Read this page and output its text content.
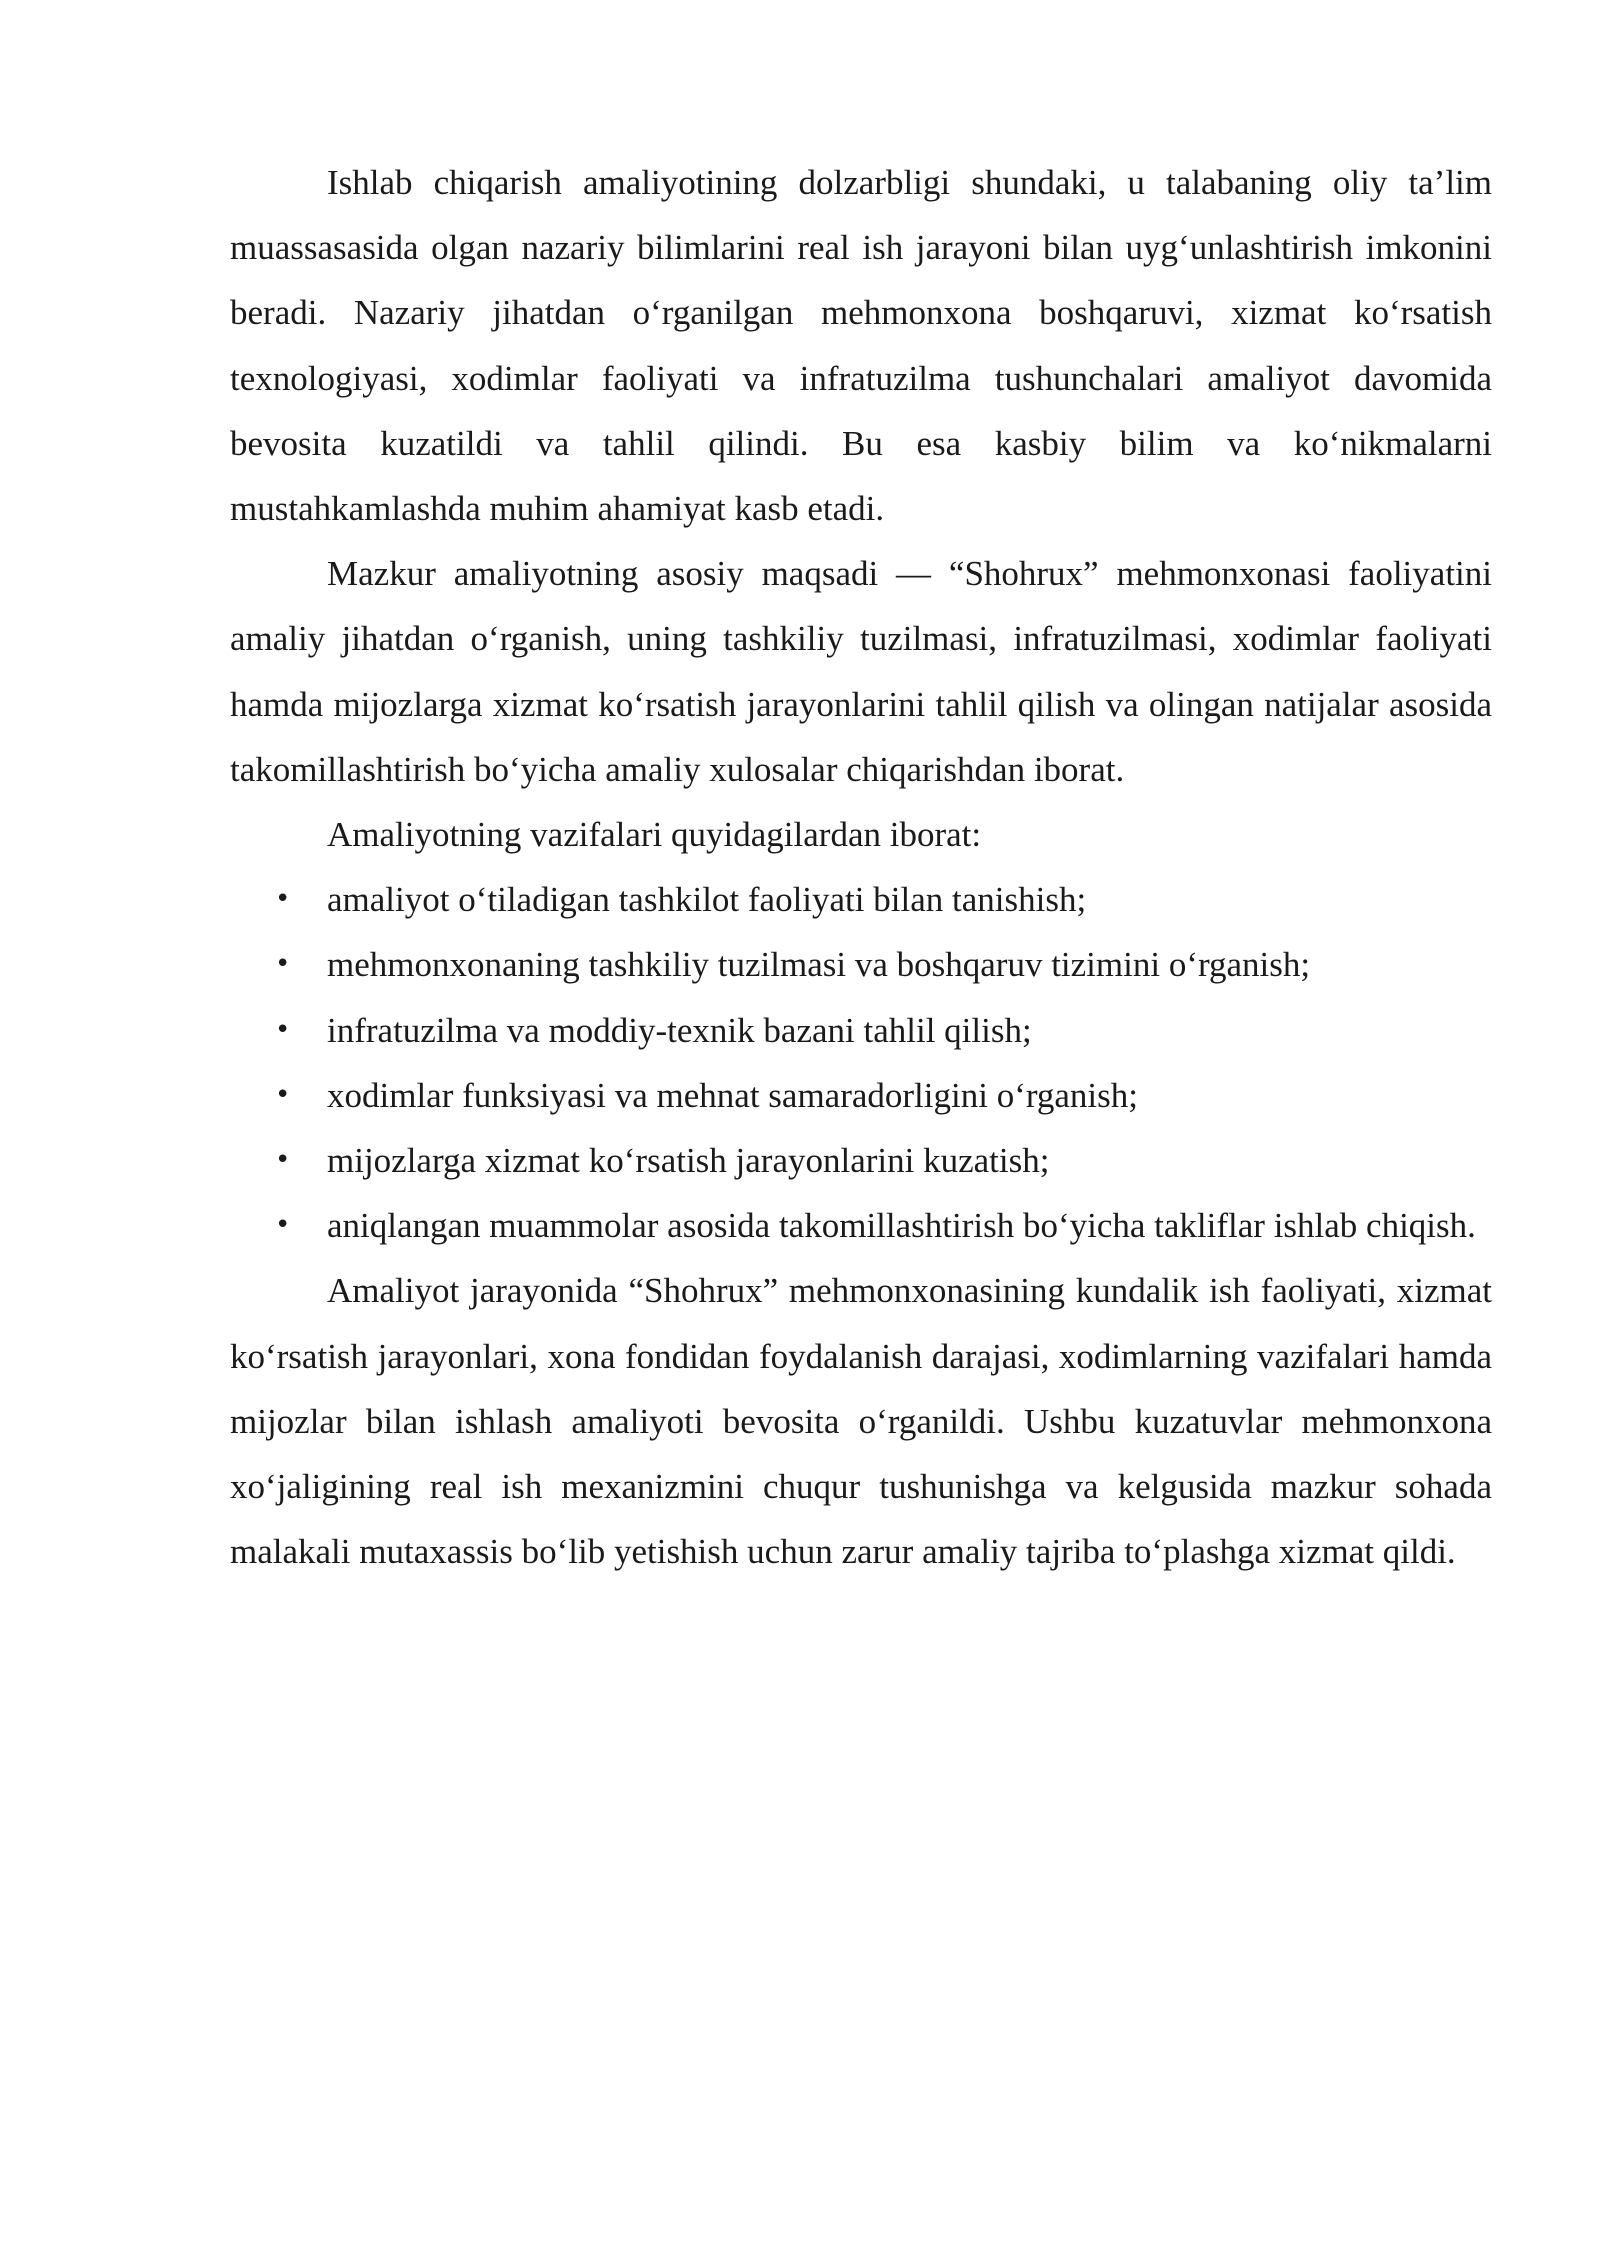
Ishlab chiqarish amaliyotining dolzarbligi shundaki, u talabaning oliy ta’lim muassasasida olgan nazariy bilimlarini real ish jarayoni bilan uyg‘unlashtirish imkonini beradi. Nazariy jihatdan o‘rganilgan mehmonxona boshqaruvi, xizmat ko‘rsatish texnologiyasi, xodimlar faoliyati va infratuzilma tushunchalari amaliyot davomida bevosita kuzatildi va tahlil qilindi. Bu esa kasbiy bilim va ko‘nikmalarni mustahkamlashda muhim ahamiyat kasb etadi.

Mazkur amaliyotning asosiy maqsadi — “Shohrux” mehmonxonasi faoliyatini amaliy jihatdan o‘rganish, uning tashkiliy tuzilmasi, infratuzilmasi, xodimlar faoliyati hamda mijozlarga xizmat ko‘rsatish jarayonlarini tahlil qilish va olingan natijalar asosida takomillashtirish bo‘yicha amaliy xulosalar chiqarishdan iborat.

Amaliyotning vazifalari quyidagilardan iborat:

• amaliyot o‘tiladigan tashkilot faoliyati bilan tanishish;
• mehmonxonaning tashkiliy tuzilmasi va boshqaruv tizimini o‘rganish;
• infratuzilma va moddiy-texnik bazani tahlil qilish;
• xodimlar funksiyasi va mehnat samaradorligini o‘rganish;
• mijozlarga xizmat ko‘rsatish jarayonlarini kuzatish;
• aniqlangan muammolar asosida takomillashtirish bo‘yicha takliflar ishlab chiqish.

Amaliyot jarayonida “Shohrux” mehmonxonasining kundalik ish faoliyati, xizmat ko‘rsatish jarayonlari, xona fondidan foydalanish darajasi, xodimlarning vazifalari hamda mijozlar bilan ishlash amaliyoti bevosita o‘rganildi. Ushbu kuzatuvlar mehmonxona xo‘jaligining real ish mexanizmini chuqur tushunishga va kelgusida mazkur sohada malakali mutaxassis bo‘lib yetishish uchun zarur amaliy tajriba to‘plashga xizmat qildi.
